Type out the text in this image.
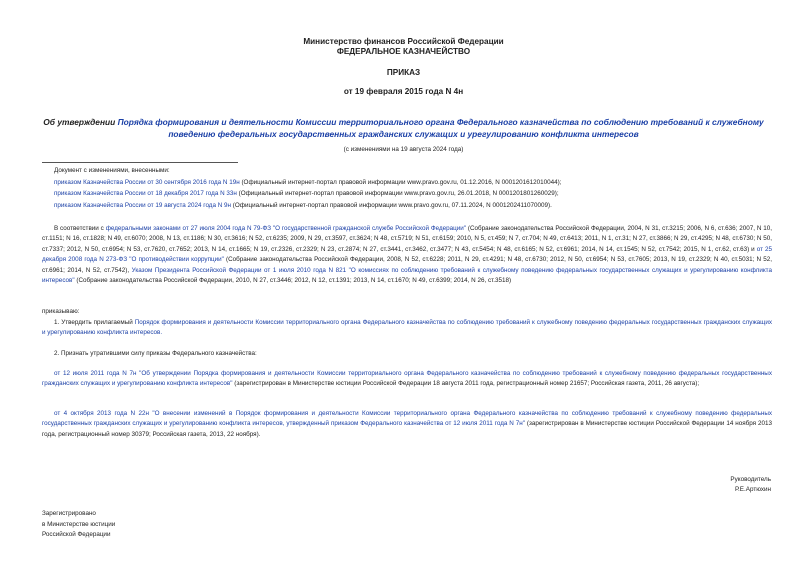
Министерство финансов Российской Федерации
ФЕДЕРАЛЬНОЕ КАЗНАЧЕЙСТВО
ПРИКАЗ
от 19 февраля 2015 года N 4н
Об утверждении Порядка формирования и деятельности Комиссии территориального органа Федерального казначейства по соблюдению требований к служебному поведению федеральных государственных гражданских служащих и урегулированию конфликта интересов
(с изменениями на 19 августа 2024 года)
Документ с изменениями, внесенными:
приказом Казначейства России от 30 сентября 2016 года N 19н (Официальный интернет-портал правовой информации www.pravo.gov.ru, 01.12.2016, N 0001201612010044);
приказом Казначейства России от 18 декабря 2017 года N 33н (Официальный интернет-портал правовой информации www.pravo.gov.ru, 26.01.2018, N 0001201801260029);
приказом Казначейства России от 19 августа 2024 года N 9н (Официальный интернет-портал правовой информации www.pravo.gov.ru, 07.11.2024, N 0001202411070009).
В соответствии с федеральными законами от 27 июля 2004 года N 79-ФЗ "О государственной гражданской службе Российской Федерации" (Собрание законодательства Российской Федерации, 2004, N 31, ст.3215; 2006, N 6, ст.636; 2007, N 10, ст.1151; N 16, ст.1828; N 49, ст.6070; 2008, N 13, ст.1186; N 30, ст.3616; N 52, ст.6235; 2009, N 29, ст.3597, ст.3624; N 48, ст.5719; N 51, ст.6159; 2010, N 5, ст.459; N 7, ст.704; N 49, ст.6413; 2011, N 1, ст.31; N 27, ст.3866; N 29, ст.4295; N 48, ст.6730; N 50, ст.7337; 2012, N 50, ст.6954; N 53, ст.7620, ст.7652; 2013, N 14, ст.1665; N 19, ст.2326, ст.2329; N 23, ст.2874; N 27, ст.3441, ст.3462, ст.3477; N 43, ст.5454; N 48, ст.6165; N 52, ст.6961; 2014, N 14, ст.1545; N 52, ст.7542; 2015, N 1, ст.62, ст.63) и от 25 декабря 2008 года N 273-ФЗ "О противодействии коррупции" (Собрание законодательства Российской Федерации, 2008, N 52, ст.6228; 2011, N 29, ст.4291; N 48, ст.6730; 2012, N 50, ст.6954; N 53, ст.7605; 2013, N 19, ст.2329; N 40, ст.5031; N 52, ст.6961; 2014, N 52, ст.7542), Указом Президента Российской Федерации от 1 июля 2010 года N 821 "О комиссиях по соблюдению требований к служебному поведению федеральных государственных служащих и урегулированию конфликта интересов" (Собрание законодательства Российской Федерации, 2010, N 27, ст.3446; 2012, N 12, ст.1391; 2013, N 14, ст.1670; N 49, ст.6399; 2014, N 26, ст.3518)
приказываю:
1. Утвердить прилагаемый Порядок формирования и деятельности Комиссии территориального органа Федерального казначейства по соблюдению требований к служебному поведению федеральных государственных гражданских служащих и урегулированию конфликта интересов.
2. Признать утратившими силу приказы Федерального казначейства:
от 12 июля 2011 года N 7н "Об утверждении Порядка формирования и деятельности Комиссии территориального органа Федерального казначейства по соблюдению требований к служебному поведению федеральных государственных гражданских служащих и урегулированию конфликта интересов" (зарегистрирован в Министерстве юстиции Российской Федерации 18 августа 2011 года, регистрационный номер 21657; Российская газета, 2011, 26 августа);
от 4 октября 2013 года N 22н "О внесении изменений в Порядок формирования и деятельности Комиссии территориального органа Федерального казначейства по соблюдению требований к служебному поведению федеральных государственных гражданских служащих и урегулированию конфликта интересов, утвержденный приказом Федерального казначейства от 12 июля 2011 года N 7н" (зарегистрирован в Министерстве юстиции Российской Федерации 14 ноября 2013 года, регистрационный номер 30379; Российская газета, 2013, 22 ноября).
Руководитель
Р.Е.Артюхин
Зарегистрировано
в Министерстве юстиции
Российской Федерации
